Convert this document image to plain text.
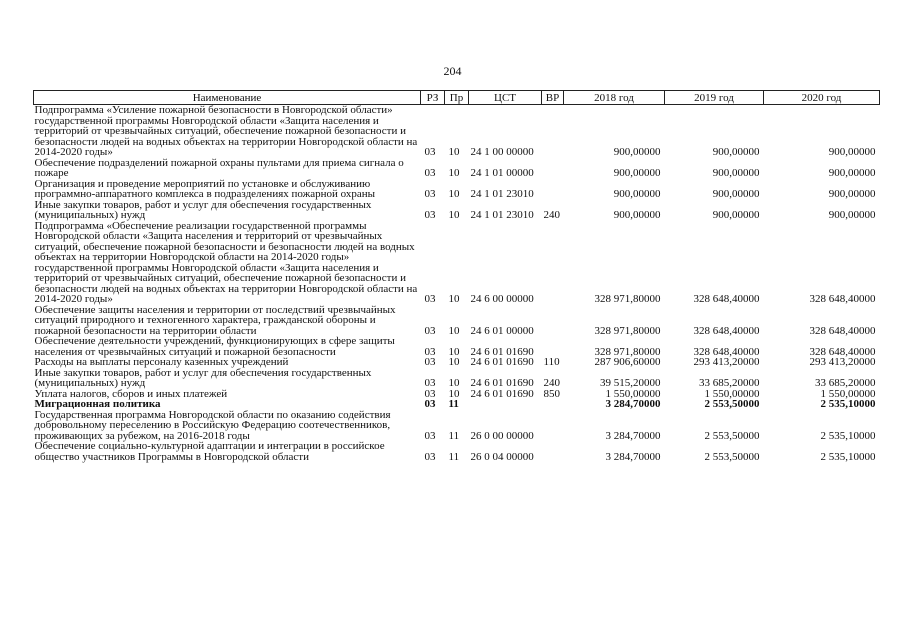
204
Наименование	РЗ	Пр	ЦСТ	ВР	2018 год	2019 год	2020 год
Подпрограмма «Усиление пожарной безопасности в Новгородской области» государственной программы Новгородской области «Защита населения и территорий от чрезвычайных ситуаций, обеспечение пожарной безопасности и безопасности людей на водных объектах на территории Новгородской области на 2014-2020 годы»	03	10	24 1 00 00000		900,00000	900,00000	900,00000
Обеспечение подразделений пожарной охраны пультами для приема сигнала о пожаре	03	10	24 1 01 00000		900,00000	900,00000	900,00000
Организация и проведение мероприятий по установке и обслуживанию программно-аппаратного комплекса в подразделениях пожарной охраны	03	10	24 1 01 23010		900,00000	900,00000	900,00000
Иные закупки товаров, работ и услуг для обеспечения государственных (муниципальных) нужд	03	10	24 1 01 23010	240	900,00000	900,00000	900,00000
Подпрограмма «Обеспечение реализации государственной программы Новгородской области «Защита населения и территорий от чрезвычайных ситуаций, обеспечение пожарной безопасности и безопасности людей на водных объектах на территории Новгородской области на 2014-2020 годы» государственной программы Новгородской области «Защита населения и территорий от чрезвычайных ситуаций, обеспечение пожарной безопасности и безопасности людей на водных объектах на территории Новгородской области на 2014-2020 годы»	03	10	24 6 00 00000		328 971,80000	328 648,40000	328 648,40000
Обеспечение защиты населения и территории от последствий чрезвычайных ситуаций природного и техногенного характера, гражданской обороны и пожарной безопасности на территории области	03	10	24 6 01 00000		328 971,80000	328 648,40000	328 648,40000
Обеспечение деятельности учреждений, функционирующих в сфере защиты населения от чрезвычайных ситуаций и пожарной безопасности	03	10	24 6 01 01690		328 971,80000	328 648,40000	328 648,40000
Расходы на выплаты персоналу казенных учреждений	03	10	24 6 01 01690	110	287 906,60000	293 413,20000	293 413,20000
Иные закупки товаров, работ и услуг для обеспечения государственных (муниципальных) нужд	03	10	24 6 01 01690	240	39 515,20000	33 685,20000	33 685,20000
Уплата налогов, сборов и иных платежей	03	10	24 6 01 01690	850	1 550,00000	1 550,00000	1 550,00000
Миграционная политика	03	11			3 284,70000	2 553,50000	2 535,10000
Государственная программа Новгородской области по оказанию содействия добровольному переселению в Российскую Федерацию соотечественников, проживающих за рубежом, на 2016-2018 годы	03	11	26 0 00 00000		3 284,70000	2 553,50000	2 535,10000
Обеспечение социально-культурной адаптации и интеграции в российское общество участников Программы в Новгородской области	03	11	26 0 04 00000		3 284,70000	2 553,50000	2 535,10000
